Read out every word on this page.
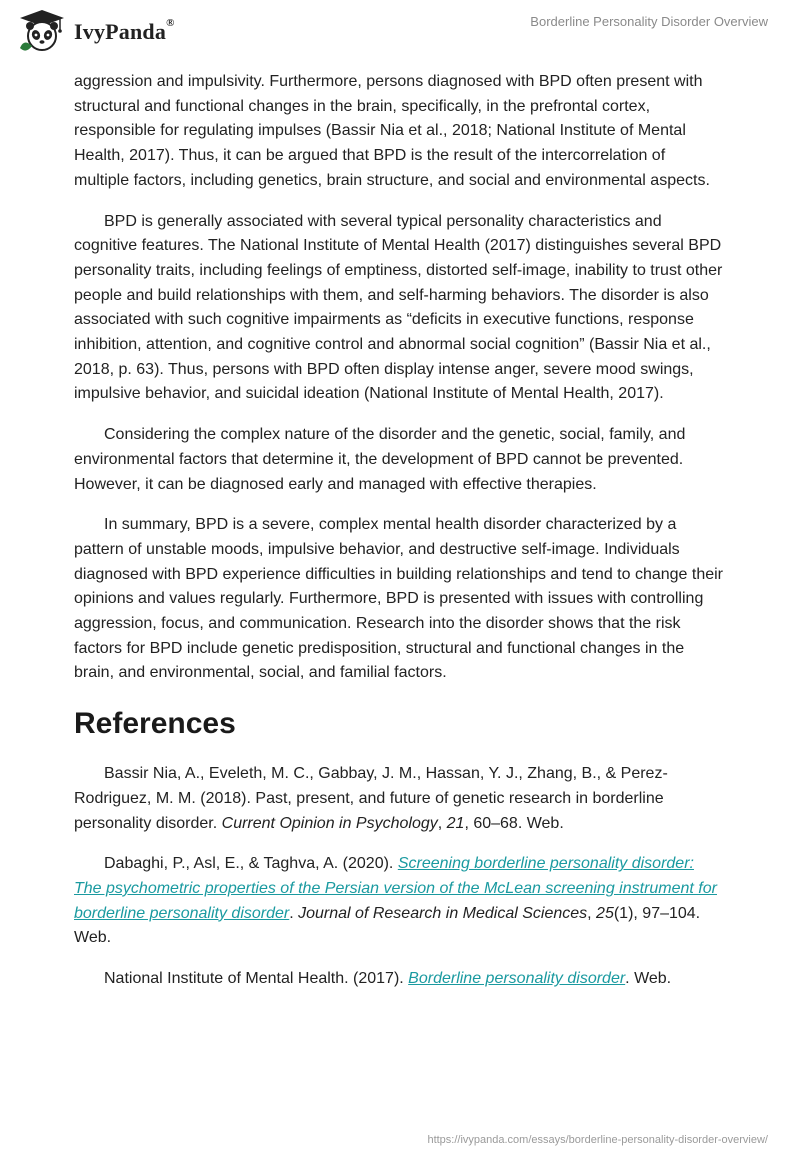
IvyPanda®	Borderline Personality Disorder Overview

aggression and impulsivity. Furthermore, persons diagnosed with BPD often present with structural and functional changes in the brain, specifically, in the prefrontal cortex, responsible for regulating impulses (Bassir Nia et al., 2018; National Institute of Mental Health, 2017). Thus, it can be argued that BPD is the result of the intercorrelation of multiple factors, including genetics, brain structure, and social and environmental aspects.

BPD is generally associated with several typical personality characteristics and cognitive features. The National Institute of Mental Health (2017) distinguishes several BPD personality traits, including feelings of emptiness, distorted self-image, inability to trust other people and build relationships with them, and self-harming behaviors. The disorder is also associated with such cognitive impairments as “deficits in executive functions, response inhibition, attention, and cognitive control and abnormal social cognition” (Bassir Nia et al., 2018, p. 63). Thus, persons with BPD often display intense anger, severe mood swings, impulsive behavior, and suicidal ideation (National Institute of Mental Health, 2017).

Considering the complex nature of the disorder and the genetic, social, family, and environmental factors that determine it, the development of BPD cannot be prevented. However, it can be diagnosed early and managed with effective therapies.

In summary, BPD is a severe, complex mental health disorder characterized by a pattern of unstable moods, impulsive behavior, and destructive self-image. Individuals diagnosed with BPD experience difficulties in building relationships and tend to change their opinions and values regularly. Furthermore, BPD is presented with issues with controlling aggression, focus, and communication. Research into the disorder shows that the risk factors for BPD include genetic predisposition, structural and functional changes in the brain, and environmental, social, and familial factors.

References

Bassir Nia, A., Eveleth, M. C., Gabbay, J. M., Hassan, Y. J., Zhang, B., & Perez-Rodriguez, M. M. (2018). Past, present, and future of genetic research in borderline personality disorder. Current Opinion in Psychology, 21, 60–68. Web.

Dabaghi, P., Asl, E., & Taghva, A. (2020). Screening borderline personality disorder: The psychometric properties of the Persian version of the McLean screening instrument for borderline personality disorder. Journal of Research in Medical Sciences, 25(1), 97–104. Web.

National Institute of Mental Health. (2017). Borderline personality disorder. Web.

https://ivypanda.com/essays/borderline-personality-disorder-overview/
